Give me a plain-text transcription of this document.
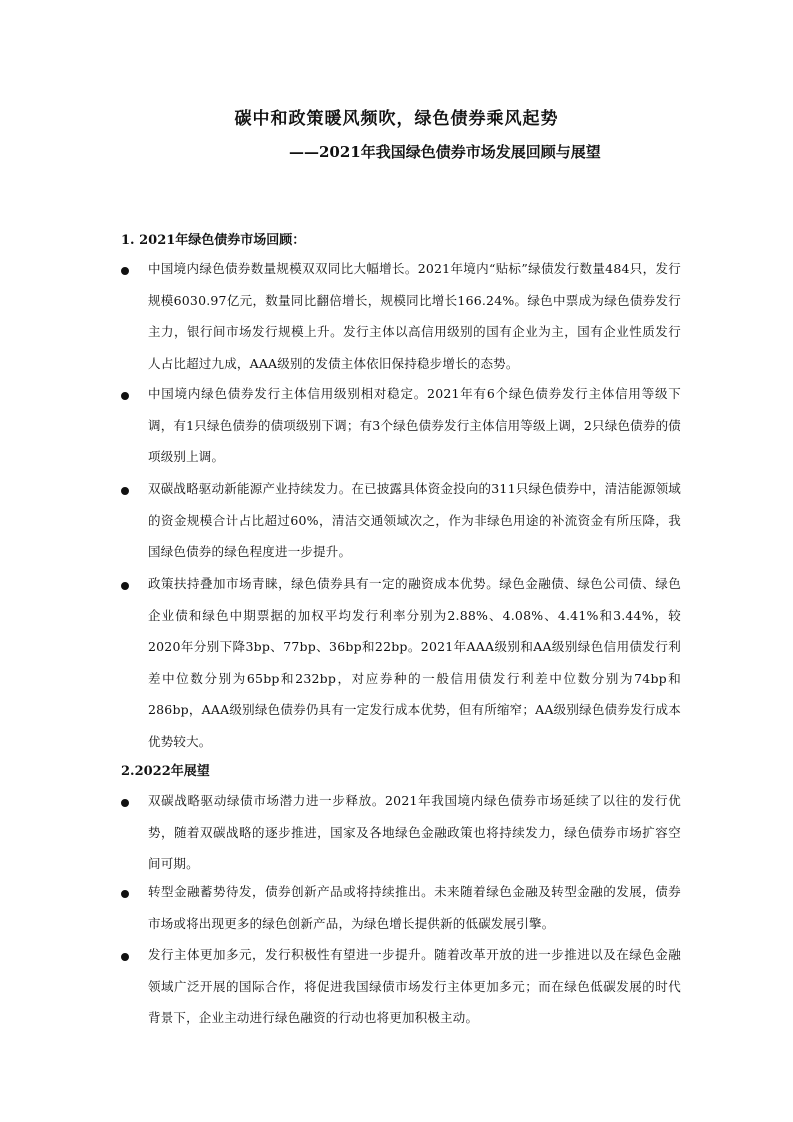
碳中和政策暖风频吹，绿色债券乘风起势
——2021年我国绿色债券市场发展回顾与展望
1. 2021年绿色债券市场回顾：
中国境内绿色债券数量规模双双同比大幅增长。2021年境内“贴标”绿债发行数量484只，发行规模6030.97亿元，数量同比翻倍增长，规模同比增长166.24%。绿色中票成为绿色债券发行主力，银行间市场发行规模上升。发行主体以高信用级别的国有企业为主，国有企业性质发行人占比超过九成，AAA级别的发债主体依旧保持稳步增长的态势。
中国境内绿色债券发行主体信用级别相对稳定。2021年有6个绿色债券发行主体信用等级下调，有1只绿色债券的债项级别下调；有3个绿色债券发行主体信用等级上调，2只绿色债券的债项级别上调。
双碳战略驱动新能源产业持续发力。在已披露具体资金投向的311只绿色债券中，清洁能源领域的资金规模合计占比超过60%，清洁交通领域次之，作为非绿色用途的补流资金有所压降，我国绿色债券的绿色程度进一步提升。
政策扶持叠加市场青睐，绿色债券具有一定的融资成本优势。绿色金融债、绿色公司债、绿色企业债和绿色中期票据的加权平均发行利率分别为2.88%、4.08%、4.41%和3.44%，较2020年分别下降3bp、77bp、36bp和22bp。2021年AAA级别和AA级别绿色信用债发行利差中位数分别为65bp和232bp，对应券种的一般信用债发行利差中位数分别为74bp和286bp，AAA级别绿色债券仍具有一定发行成本优势，但有所缩窄；AA级别绿色债券发行成本优势较大。
2.2022年展望
双碳战略驱动绿债市场潜力进一步释放。2021年我国境内绿色债券市场延续了以往的发行优势，随着双碳战略的逐步推进，国家及各地绿色金融政策也将持续发力，绿色债券市场扩容空间可期。
转型金融蓄势待发，债券创新产品或将持续推出。未来随着绿色金融及转型金融的发展，债券市场或将出现更多的绿色创新产品，为绿色增长提供新的低碳发展引擎。
发行主体更加多元，发行积极性有望进一步提升。随着改革开放的进一步推进以及在绿色金融领域广泛开展的国际合作，将促进我国绿债市场发行主体更加多元；而在绿色低碳发展的时代背景下，企业主动进行绿色融资的行动也将更加积极主动。
